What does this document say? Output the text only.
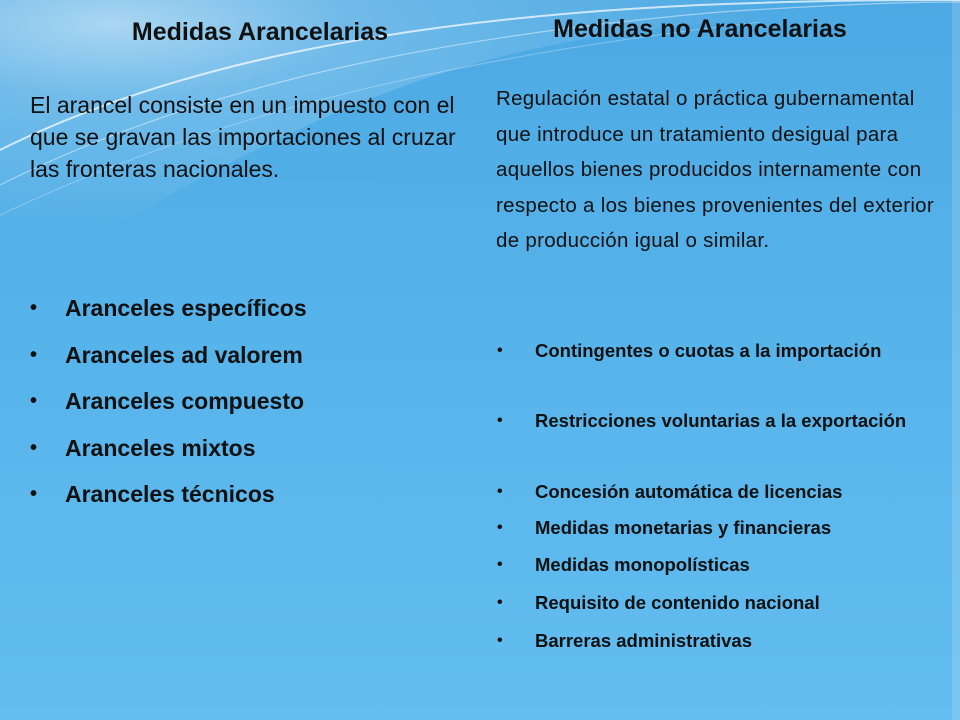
Medidas Arancelarias

El arancel consiste en un impuesto con el que se gravan las importaciones al cruzar las fronteras nacionales.

• Aranceles específicos
• Aranceles ad valorem
• Aranceles compuesto
• Aranceles mixtos
• Aranceles técnicos
Medidas no Arancelarias

Regulación estatal o práctica gubernamental que introduce un tratamiento desigual para aquellos bienes producidos internamente con respecto a los bienes provenientes del exterior de producción igual o similar.

• Contingentes o cuotas a la importación
• Restricciones voluntarias a la exportación
• Concesión automática de licencias
• Medidas monetarias y financieras
• Medidas monopolísticas
• Requisito de contenido nacional
• Barreras administrativas
